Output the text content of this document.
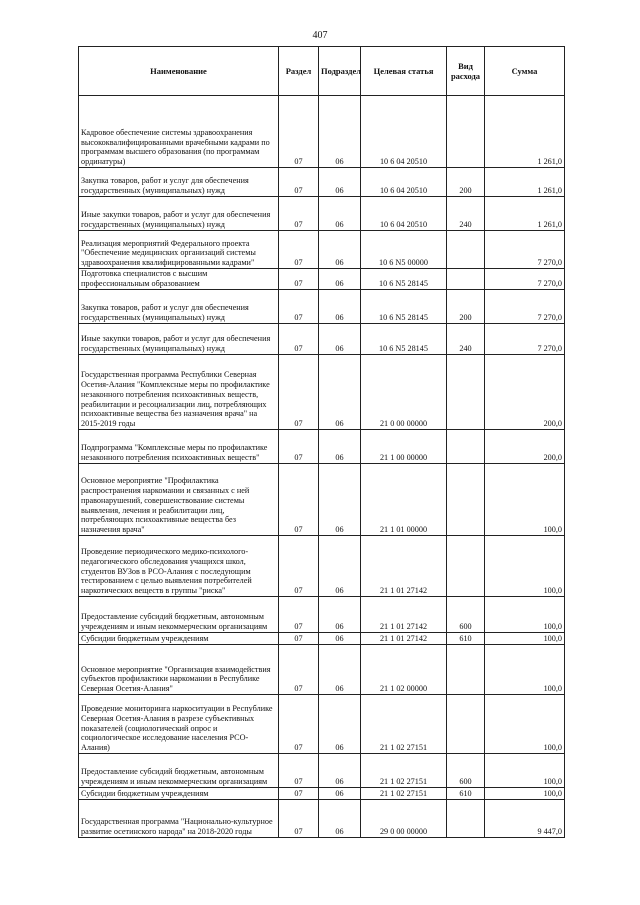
407
Наименование	Раздел	Подраздел	Целевая статья	Вид расхода	Сумма
Кадровое обеспечение системы здравоохранения высококвалифицированными врачебными кадрами по программам высшего образования (по программам ординатуры)	07	06	10 6 04 20510		1 261,0
Закупка товаров, работ и услуг для обеспечения государственных (муниципальных) нужд	07	06	10 6 04 20510	200	1 261,0
Иные закупки товаров, работ и услуг для обеспечения государственных (муниципальных) нужд	07	06	10 6 04 20510	240	1 261,0
Реализация мероприятий Федерального проекта "Обеспечение медицинских организаций системы здравоохранения квалифицированными кадрами"	07	06	10 6 N5 00000		7 270,0
Подготовка специалистов с высшим профессиональным образованием	07	06	10 6 N5 28145		7 270,0
Закупка товаров, работ и услуг для обеспечения государственных (муниципальных) нужд	07	06	10 6 N5 28145	200	7 270,0
Иные закупки товаров, работ и услуг для обеспечения государственных (муниципальных) нужд	07	06	10 6 N5 28145	240	7 270,0
Государственная программа Республики Северная Осетия-Алания "Комплексные меры по профилактике незаконного потребления психоактивных веществ, реабилитации и ресоциализации лиц, потребляющих психоактивные вещества без назначения врача" на 2015-2019 годы	07	06	21 0 00 00000		200,0
Подпрограмма "Комплексные меры по профилактике незаконного потребления психоактивных веществ"	07	06	21 1 00 00000		200,0
Основное мероприятие "Профилактика распространения наркомании и связанных с ней правонарушений, совершенствование системы выявления, лечения и реабилитации лиц, потребляющих психоактивные вещества без назначения врача"	07	06	21 1 01 00000		100,0
Проведение периодического медико-психолого-педагогического обследования учащихся школ, студентов ВУЗов в РСО-Алания с последующим тестированием с целью выявления потребителей наркотических веществ в группы "риска"	07	06	21 1 01 27142		100,0
Предоставление субсидий бюджетным, автономным учреждениям и иным некоммерческим организациям	07	06	21 1 01 27142	600	100,0
Субсидии бюджетным учреждениям	07	06	21 1 01 27142	610	100,0
Основное мероприятие "Организация взаимодействия субъектов профилактики наркомании в Республике Северная Осетия-Алания"	07	06	21 1 02 00000		100,0
Проведение мониторинга наркоситуации в Республике Северная Осетия-Алания в разрезе субъективных показателей (социологический опрос и социологическое исследование населения РСО-Алания)	07	06	21 1 02 27151		100,0
Предоставление субсидий бюджетным, автономным учреждениям и иным некоммерческим организациям	07	06	21 1 02 27151	600	100,0
Субсидии бюджетным учреждениям	07	06	21 1 02 27151	610	100,0
Государственная программа "Национально-культурное развитие осетинского народа" на 2018-2020 годы	07	06	29 0 00 00000		9 447,0
